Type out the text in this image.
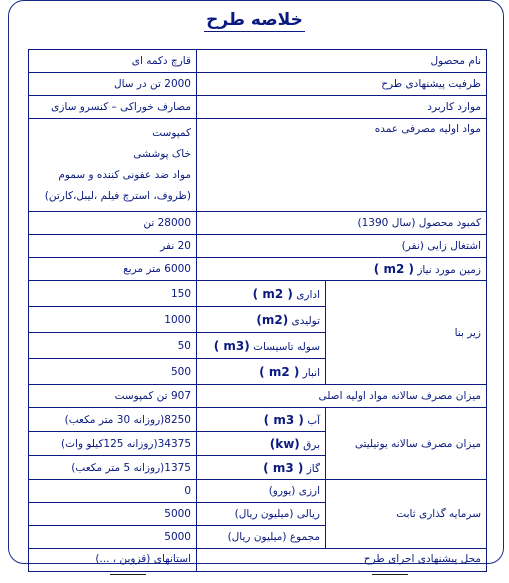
خلاصه طرح
نام محصول		قارچ دکمه ای
ظرفیت پیشنهادی طرح		2000 تن در سال
موارد کاربرد		مصارف خوراکی – کنسرو سازی
مواد اولیه مصرفی عمده		کمپوست
خاک پوششی
مواد ضد عفونی کننده و سموم
(ظروف، استرچ فیلم ،لیبل،کارتن)

کمبود محصول (سال 1390)		28000 تن
اشتغال زایی (نفر)		20 نفر
زمین مورد نیاز ( m2 )		6000 متر مربع
زیر بنا	اداری ( m2 )	150
	تولیدی (m2)	1000
	سوله تاسیسات (m3 )	50
	انبار ( m2 )	500
میزان مصرف سالانه مواد اولیه اصلی		907 تن کمپوست
میزان مصرف سالانه یوتیلیتی	آب ( m3 )	8250(روزانه 30 متر مکعب)
	برق (kw)	34375(روزانه 125کیلو وات)
	گاز ( m3 )	1375(روزانه 5 متر مکعب)
سرمایه گذاری ثابت	ارزی (یورو)	0
	ریالی (میلیون ریال)	5000
	مجموع (میلیون ریال)	5000
محل پیشنهادی اجرای طرح		استانهای (قزوین ، ...)
